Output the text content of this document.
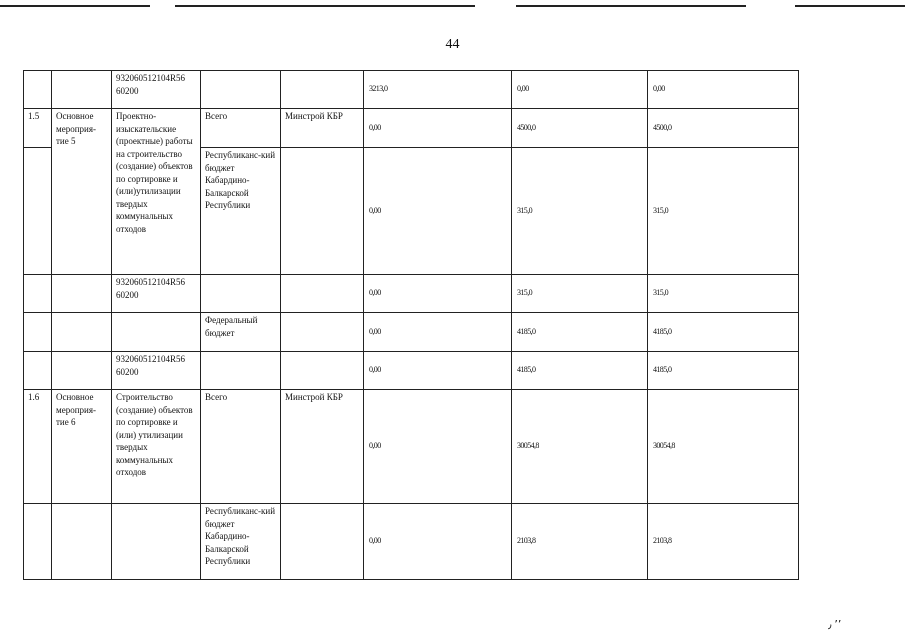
44
		932060512104R56 60200			3213,0	0,00	0,00
1.5	Основное мероприя-тие 5	Проектно-изыскательские (проектные) работы на строительство (создание) объектов по сортировке и (или)утилизации твердых коммунальных отходов	Всего	Минстрой КБР	0,00	4500,0	4500,0
			Республиканс-кий бюджет Кабардино-Балкарской Республики		0,00	315,0	315,0
		932060512104R56 60200			0,00	315,0	315,0
			Федеральный бюджет		0,00	4185,0	4185,0
		932060512104R56 60200			0,00	4185,0	4185,0
1.6	Основное мероприя-тие 6	Строительство (создание) объектов по сортировке и (или) утилизации твердых коммунальных отходов	Всего	Минстрой КБР	0,00	30054,8	30054,8
			Республиканс-кий бюджет Кабардино-Балкарской Республики		0,00	2103,8	2103,8
٬٬ ٫
